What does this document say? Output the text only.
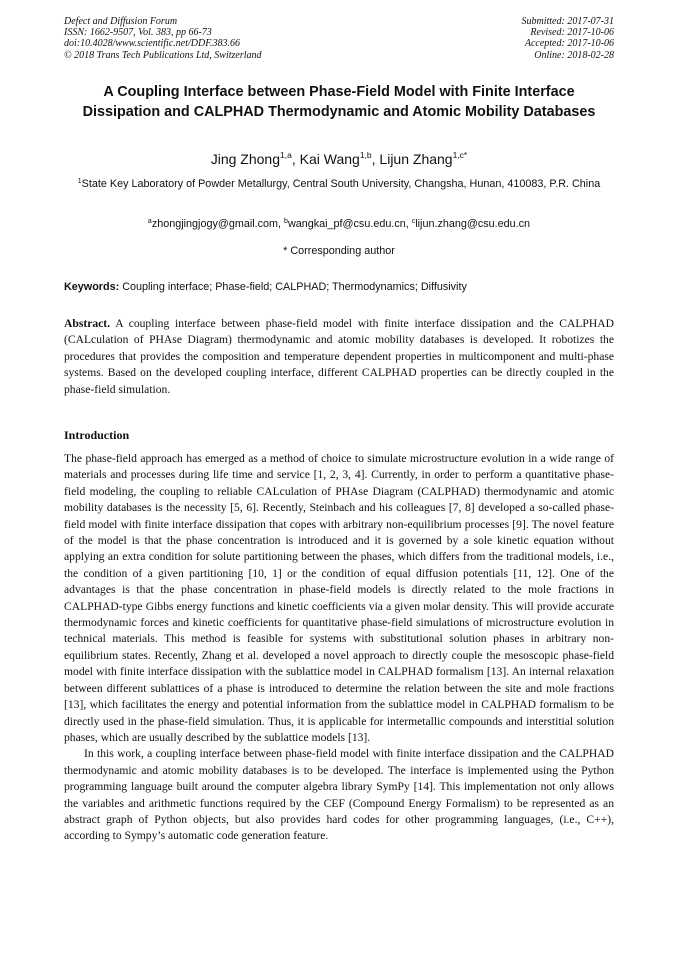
Defect and Diffusion Forum
ISSN: 1662-9507, Vol. 383, pp 66-73
doi:10.4028/www.scientific.net/DDF.383.66
© 2018 Trans Tech Publications Ltd, Switzerland
Submitted: 2017-07-31
Revised: 2017-10-06
Accepted: 2017-10-06
Online: 2018-02-28
A Coupling Interface between Phase-Field Model with Finite Interface Dissipation and CALPHAD Thermodynamic and Atomic Mobility Databases
Jing Zhong$^{1,a}$, Kai Wang$^{1,b}$, Lijun Zhang$^{1,c*}$
$^1$State Key Laboratory of Powder Metallurgy, Central South University, Changsha, Hunan, 410083, P.R. China
$^a$zhongjingjogy@gmail.com, $^b$wangkai_pf@csu.edu.cn, $^c$lijun.zhang@csu.edu.cn
* Corresponding author
Keywords: Coupling interface; Phase-field; CALPHAD; Thermodynamics; Diffusivity
Abstract. A coupling interface between phase-field model with finite interface dissipation and the CALPHAD (CALculation of PHAse Diagram) thermodynamic and atomic mobility databases is developed. It robotizes the procedures that provides the composition and temperature dependent properties in multicomponent and multi-phase systems. Based on the developed coupling interface, different CALPHAD properties can be directly coupled in the phase-field simulation.
Introduction

The phase-field approach has emerged as a method of choice to simulate microstructure evolution in a wide range of materials and processes during life time and service [1, 2, 3, 4]. Currently, in order to perform a quantitative phase-field modeling, the coupling to reliable CALculation of PHAse Diagram (CALPHAD) thermodynamic and atomic mobility databases is the necessity [5, 6]. Recently, Steinbach and his colleagues [7, 8] developed a so-called phase-field model with finite interface dissipation that copes with arbitrary non-equilibrium processes [9]. The novel feature of the model is that the phase concentration is introduced and it is governed by a sole kinetic equation without applying an extra condition for solute partitioning between the phases, which differs from the traditional models, i.e., the condition of a given partitioning [10, 1] or the condition of equal diffusion potentials [11, 12]. One of the advantages is that the phase concentration in phase-field models is directly related to the mole fractions in CALPHAD-type Gibbs energy functions and kinetic coefficients via a given molar density. This will provide accurate thermodynamic forces and kinetic coefficients for quantitative phase-field simulations of microstructure evolution in technical materials. This method is feasible for systems with substitutional solution phases in arbitrary non-equilibrium states. Recently, Zhang et al. developed a novel approach to directly couple the mesoscopic phase-field model with finite interface dissipation with the sublattice model in CALPHAD formalism [13]. An internal relaxation between different sublattices of a phase is introduced to determine the relation between the site and mole fractions [13], which facilitates the energy and potential information from the sublattice model in CALPHAD formalism to be directly used in the phase-field simulation. Thus, it is applicable for intermetallic compounds and interstitial solution phases, which are usually described by the sublattice models [13].

In this work, a coupling interface between phase-field model with finite interface dissipation and the CALPHAD thermodynamic and atomic mobility databases is to be developed. The interface is implemented using the Python programming language built around the computer algebra library SymPy [14]. This implementation not only allows the variables and arithmetic functions required by the CEF (Compound Energy Formalism) to be represented as an abstract graph of Python objects, but also provides hard codes for other programming languages, (i.e., C++), according to Sympy’s automatic code generation feature.
